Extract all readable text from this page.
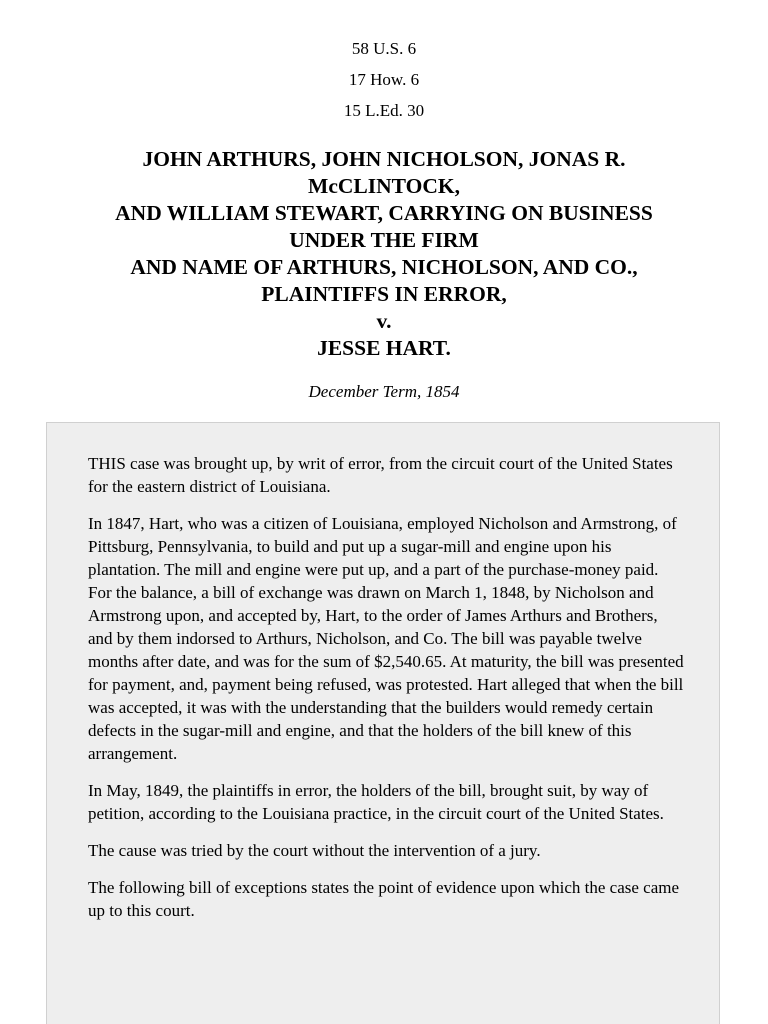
58 U.S. 6
17 How. 6
15 L.Ed. 30
JOHN ARTHURS, JOHN NICHOLSON, JONAS R.
McCLINTOCK,
AND WILLIAM STEWART, CARRYING ON BUSINESS
UNDER THE FIRM
AND NAME OF ARTHURS, NICHOLSON, AND CO.,
PLAINTIFFS IN ERROR,
v.
JESSE HART.
December Term, 1854

THIS case was brought up, by writ of error, from the circuit court of the United States for the eastern district of Louisiana.

In 1847, Hart, who was a citizen of Louisiana, employed Nicholson and Armstrong, of Pittsburg, Pennsylvania, to build and put up a sugar-mill and engine upon his plantation. The mill and engine were put up, and a part of the purchase-money paid. For the balance, a bill of exchange was drawn on March 1, 1848, by Nicholson and Armstrong upon, and accepted by, Hart, to the order of James Arthurs and Brothers, and by them indorsed to Arthurs, Nicholson, and Co. The bill was payable twelve months after date, and was for the sum of $2,540.65. At maturity, the bill was presented for payment, and, payment being refused, was protested. Hart alleged that when the bill was accepted, it was with the understanding that the builders would remedy certain defects in the sugar-mill and engine, and that the holders of the bill knew of this arrangement.

In May, 1849, the plaintiffs in error, the holders of the bill, brought suit, by way of petition, according to the Louisiana practice, in the circuit court of the United States.

The cause was tried by the court without the intervention of a jury.

The following bill of exceptions states the point of evidence upon which the case came up to this court.
